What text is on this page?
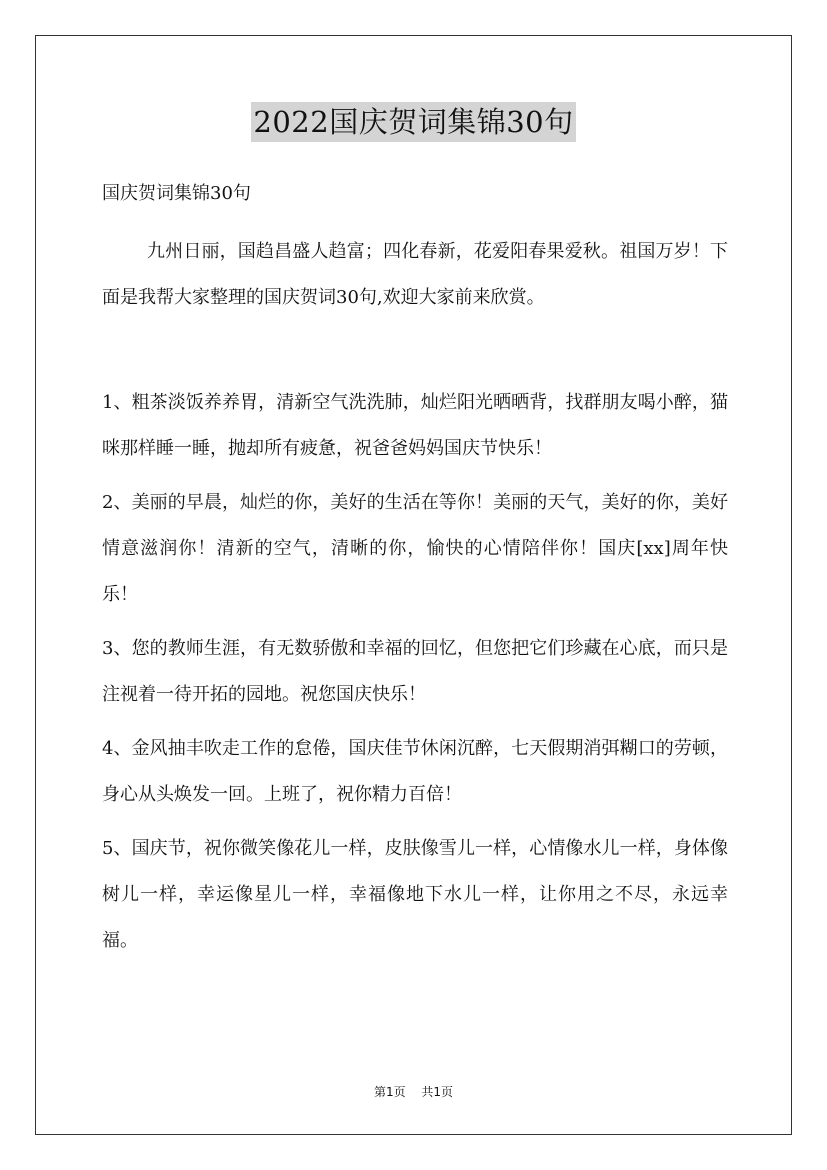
2022国庆贺词集锦30句

国庆贺词集锦30句

九州日丽，国趋昌盛人趋富；四化春新，花爱阳春果爱秋。祖国万岁！下面是我帮大家整理的国庆贺词30句,欢迎大家前来欣赏。

1、粗茶淡饭养养胃，清新空气洗洗肺，灿烂阳光晒晒背，找群朋友喝小醉，猫咪那样睡一睡，抛却所有疲惫，祝爸爸妈妈国庆节快乐！

2、美丽的早晨，灿烂的你，美好的生活在等你！美丽的天气，美好的你，美好情意滋润你！清新的空气，清晰的你，愉快的心情陪伴你！国庆[xx]周年快乐！

3、您的教师生涯，有无数骄傲和幸福的回忆，但您把它们珍藏在心底，而只是注视着一待开拓的园地。祝您国庆快乐！

4、金风抽丰吹走工作的怠倦，国庆佳节休闲沉醉，七天假期消弭糊口的劳顿，身心从头焕发一回。上班了，祝你精力百倍！

5、国庆节，祝你微笑像花儿一样，皮肤像雪儿一样，心情像水儿一样，身体像树儿一样，幸运像星儿一样，幸福像地下水儿一样，让你用之不尽，永远幸福。

第1页 共1页
